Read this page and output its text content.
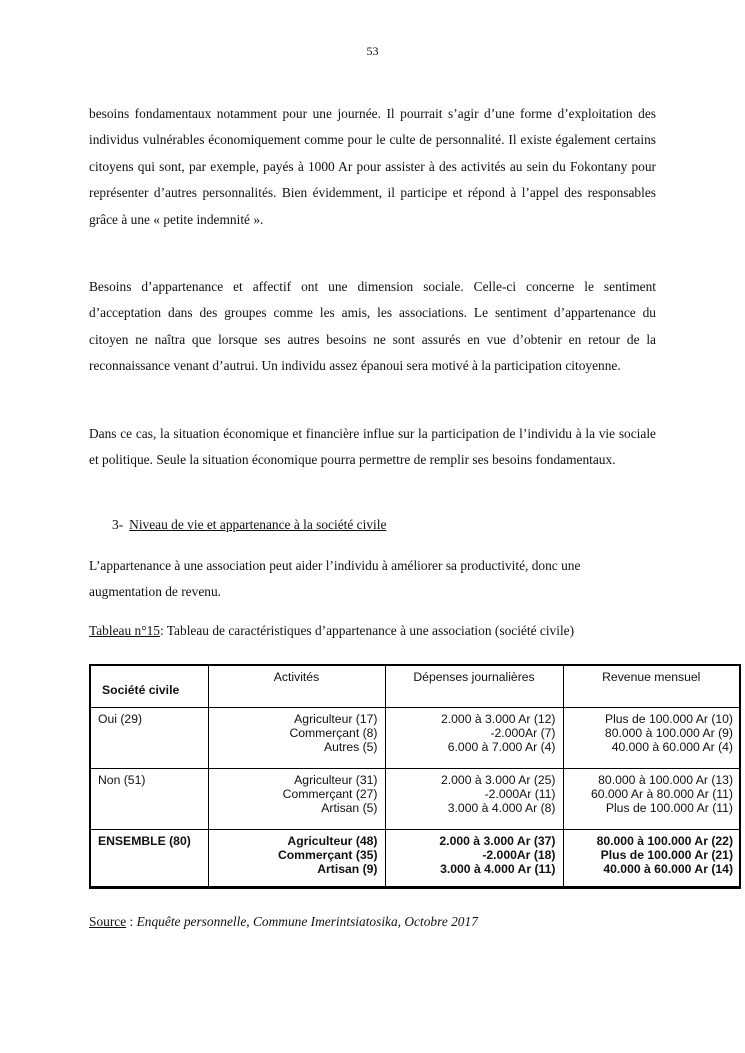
53

besoins fondamentaux notamment pour une journée. Il pourrait s’agir d’une forme d’exploitation des individus vulnérables économiquement comme pour le culte de personnalité. Il existe également certains citoyens qui sont, par exemple, payés à 1000 Ar pour assister à des activités au sein du Fokontany pour représenter d’autres personnalités. Bien évidemment, il participe et répond à l’appel des responsables grâce à une « petite indemnité ».

Besoins d’appartenance et affectif ont une dimension sociale. Celle-ci concerne le sentiment d’acceptation dans des groupes comme les amis, les associations. Le sentiment d’appartenance du citoyen ne naîtra que lorsque ses autres besoins ne sont assurés en vue d’obtenir en retour de la reconnaissance venant d’autrui. Un individu assez épanoui sera motivé à la participation citoyenne.

Dans ce cas, la situation économique et financière influe sur la participation de l’individu à la vie sociale et politique. Seule la situation économique pourra permettre de remplir ses besoins fondamentaux.

3- Niveau de vie et appartenance à la société civile

L’appartenance à une association peut aider l’individu à améliorer sa productivité, donc une
augmentation de revenu.

Tableau n°15: Tableau de caractéristiques d’appartenance à une association (société civile)
Société civile	Activités	Dépenses journalières	Revenue mensuel
Oui (29)	Agriculteur (17)
Commerçant (8)
Autres (5)	2.000 à 3.000 Ar (12)
-2.000Ar (7)
6.000 à 7.000 Ar (4)	Plus de 100.000 Ar (10)
80.000 à 100.000 Ar (9)
40.000 à 60.000 Ar (4)

Non (51)	Agriculteur (31)
Commerçant (27)
Artisan (5)	2.000 à 3.000 Ar (25)
-2.000Ar (11)
3.000 à 4.000 Ar (8)	80.000 à 100.000 Ar (13)
60.000 Ar à 80.000 Ar (11)
Plus de 100.000 Ar (11)

ENSEMBLE (80)	Agriculteur (48)
Commerçant (35)
Artisan (9)	2.000 à 3.000 Ar (37)
-2.000Ar (18)
3.000 à 4.000 Ar (11)	80.000 à 100.000 Ar (22)
Plus de 100.000 Ar (21)
40.000 à 60.000 Ar (14)
Source : Enquête personnelle, Commune Imerintsiatosika, Octobre 2017
